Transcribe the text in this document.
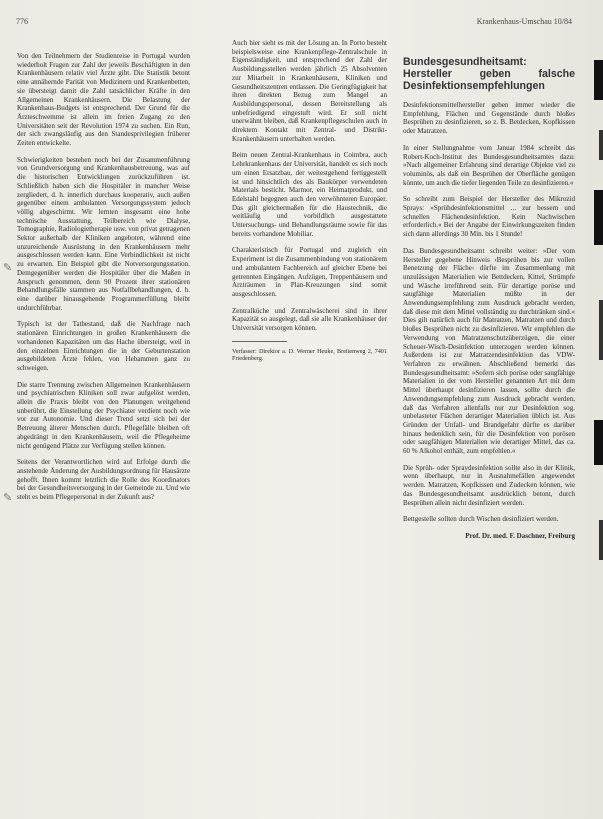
776	Krankenhaus-Umschau 10/84

Von den Teilnehmern der Studienreise in Portugal wurden wiederholt Fragen zur Zahl der jeweils Beschäftigten in den Krankenhäusern relativ viel Ärzte gibt. Die Statistik betont eine annähernde Parität von Medizinern und Krankenbetten, sie übersteigt damit die Zahl tatsächlicher Kräfte in den Allgemeinen Krankenhäusern. Die Belastung der Krankenhaus-Budgets ist entsprechend. Der Grund für die Ärzteschwemme ist allein im freien Zugang zu den Universitäten seit der Revolution 1974 zu suchen. Ein Run, der sich zwangsläufig aus den Standesprivilegien früherer Zeiten entwickelte.

Schwierigkeiten bestehen noch bei der Zusammenführung von Grundversorgung und Krankenhausbetreuung, was auf die historischen Entwicklungen zurückzuführen ist. Schließlich haben sich die Hospitäler in mancher Weise zergliedert, d. h. innerlich durchaus kooperativ, auch außen gegenüber einem ambulanten Versorgungssystem jedoch völlig abgeschirmt. Wir lernten insgesamt eine hohe technische Ausstattung, Teilbereich wie Dialyse, Tomographie, Radiologietherapie usw. von privat getragenen Sektor außerhalb der Kliniken angeboten, während eine unzureichende Ausrüstung in den Krankenhäusern mehr ausgeschlossen werden kann. Eine Verbindlichkeit ist nicht zu erwarten. Ein Beispiel gibt die Notversorgungsstation. Demgegenüber werden die Hospitäler über die Maßen in Anspruch genommen, denn 90 Prozent ihrer stationären Behandlungsfälle stammen aus Notfallbehandlungen, d. h. eine darüber hinausgehende Programmerfüllung bleibt undurchführbar.

Typisch ist der Tatbestand, daß die Nachfrage nach stationären Einrichtungen in großen Krankenhäusern die vorhandenen Kapazitäten um das Hache übersteigt, weil in den einzelnen Einrichtungen die in der Geburtenstation ausgebildeten Ärzte fehlen, von Hebammen ganz zu schweigen.

Die starre Trennung zwischen Allgemeinen Krankenhäusern und psychiatrischen Kliniken soll zwar aufgelöst werden, allein die Praxis bleibt von den Planungen weitgehend unberührt, die Einstellung der Psychiater verdient noch wie vor zur Autonomie. Und dieser Trend setzt sich bei der Betreuung älterer Menschen durch. Pflegefälle bleiben oft abgedrängt in den Krankenhäusern, weil die Pflegeheime nicht genügend Plätze zur Verfügung stellen können.

Seitens der Verantwortlichen wird auf Erfolge durch die anstehende Änderung der Ausbildungsordnung für Hausärzte gehofft. Ihnen kommt letztlich die Rolle des Koordinators bei der Gesundheitsversorgung in der Gemeinde zu. Und wie steht es beim Pflegepersonal in der Zukunft aus?

Auch hier sieht es mit der Lösung an. In Porto besteht beispielsweise eine Krankenpflege-Zentralschule in Eigenständigkeit, und entsprechend der Zahl der Ausbildungsstellen werden jährlich 25 Absolventen zur Mitarbeit in Krankenhäusern, Kliniken und Gesundheitszentren entlassen. Die Geringfügigkeit hat ihren direkten Bezug zum Mangel an Ausbildungspersonal, dessen Bereitstellung als unbefriedigend eingestuft wird. Er soll nicht unerwähnt bleiben, daß Krankenpflegeschulen auch in direktem Kontakt mit Zentral- und Distrikt-Krankenhäusern unterhalten werden.

Beim neuen Zentral-Krankenhaus in Coimbra, auch Lehrkrankenhaus der Universität, handelt es sich noch um einen Ersatzbau, der weitestgehend fertiggestellt ist und hinsichtlich des als Baukörper verwendeten Materials besticht. Marmor, ein Heimatprodukt, und Edelstahl begegnen auch den verwöhnteren Europäer. Das gilt gleichermaßen für die Haustechnik, die weitläufig und vorbildlich ausgestattete Untersuchungs- und Behandlungsräume sowie für das bereits vorhandene Mobiliar.

Charakteristisch für Portugal und zugleich ein Experiment ist die Zusammenbindung von stationärem und ambulantem Fachbereich auf gleicher Ebene bei getrennten Eingängen. Aufzügen, Treppenhäusern und Arzträumen in Plan-Kreuzungen sind somit ausgeschlossen.

Zentralküche und Zentralwäscherei sind in ihrer Kapazität so ausgelegt, daß sie alle Krankenhäuser der Universität versorgen können.

Verfasser: Direktor a. D. Werner Heuke, Breitenweg 2, 7401 Friedenberg.

Bundesgesundheitsamt: Hersteller geben falsche Desinfektionsempfehlungen

Desinfektionsmittelhersteller geben immer wieder die Empfehlung, Flächen und Gegenstände durch bloßes Besprühen zu desinfizieren, so z. B. Betdecken, Kopfkissen oder Matratzen.

In einer Stellungnahme vom Januar 1984 schreibt das Robert-Koch-Institut des Bundesgesundheitsamtes dazu: »Nach allgemeiner Erfahrung sind derartige Objekte viel zu voluminös, als daß ein Besprühen der Oberfläche genügen könnte, um auch die tiefer liegenden Teile zu desinfizieren.«

So schreibt zum Beispiel der Hersteller des Mikrozid Sprays: »Sprühdesinfektionsmittel ... zur bessern und schnellen Flächendesinfektion. Kein Nachwischen erforderlich.« Bei der Angabe der Einwirkungszeiten finden sich dann allerdings 30 Min. bis 1 Stunde!

Das Bundesgesundheitsamt schreibt weiter: »Der vom Hersteller gegebene Hinweis ›Besprühen bis zur vollen Benetzung der Fläche‹ dürfte im Zusammenhang mit unzulässigen Materialien wie Bettdecken, Kittel, Strümpfe und Wäsche irreführend sein. Für derartige poröse und saugfähige Materialien müßte in der Anwendungsempfehlung zum Ausdruck gebracht werden, daß diese mit dem Mittel vollständig zu durchtränken sind.« Dies gilt natürlich auch für Matratzen, Matratzen und durch bloßes Besprühen nicht zu desinfizieren. Wir empfehlen die Verwendung von Matratzenschutzüberzügen, die einer Scheuer-Wisch-Desinfektion unterzogen werden können. Außerdem ist zur Matratzendesinfektion das VDW-Verfahren zu erwähnen. Abschließend bemerkt das Bundesgesundheitsamt: »Sofern sich poröse oder saugfähige Materialien in der vom Hersteller genannten Art mit dem Mittel überhaupt desinfizieren lassen, sollte durch die Anwendungsempfehlung zum Ausdruck gebracht werden, daß das Verfahren allenfalls nur zur Desinfektion sog. unbelasteter Flächen derartiger Materialien üblich ist. Aus Gründen der Unfall- und Brandgefahr dürfte es darüber hinaus bedenklich sein, für die Desinfektion von porösen oder saugfähigen Materialien wie derartiger Mittel, das ca. 60 % Alkohol enthält, zum empfehlen.«

Die Sprüh- oder Spraydesinfektion sollte also in der Klinik, wenn überhaupt, nur in Ausnahmefällen angewendet werden. Matratzen, Kopfkissen und Zudecken können, wie das Bundesgesundheitsamt ausdrücklich betont, durch Besprühen allein nicht desinfiziert werden.

Bettgestelle sollten durch Wischen desinfiziert werden.

Prof. Dr. med. F. Daschner, Freiburg
✎
✎
